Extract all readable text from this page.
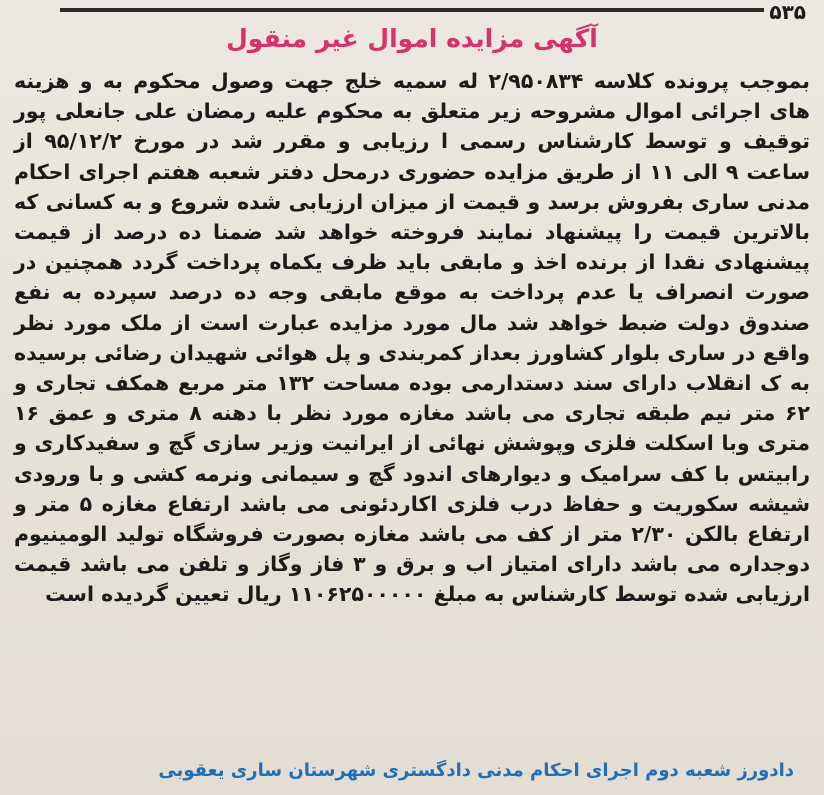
۵۳۵
آگهی مزایده اموال غیر منقول
بموجب پرونده کلاسه ۲/۹۵۰۸۳۴ له سمیه خلج جهت وصول محکوم به و هزینه های اجرائی اموال مشروحه زیر متعلق به محکوم علیه رمضان علی جانعلی پور توقیف و توسط کارشناس رسمی ا رزیابی و مقرر شد در مورخ ۹۵/۱۲/۲ از ساعت ۹ الی ۱۱ از طریق مزایده حضوری درمحل دفتر شعبه هفتم اجرای احکام مدنی ساری بفروش برسد و قیمت از میزان ارزیابی شده شروع و به کسانی که بالاترین قیمت را پیشنهاد نمایند فروخته خواهد شد ضمنا ده درصد از قیمت پیشنهادی نقدا از برنده اخذ و مابقی باید ظرف یکماه پرداخت گردد همچنین در صورت انصراف یا عدم پرداخت به موقع مابقی وجه ده درصد سپرده به نفع صندوق دولت ضبط خواهد شد مال مورد مزایده عبارت است از ملک مورد نظر واقع در ساری بلوار کشاورز بعداز کمربندی و پل هوائی شهیدان رضائی برسیده به ک انقلاب دارای سند دستدارمی بوده مساحت ۱۳۲ متر مربع همکف تجاری و ۶۲ متر نیم طبقه تجاری می باشد مغازه مورد نظر با دهنه ۸ متری و عمق ۱۶ متری وبا اسکلت فلزی وپوشش نهائی از ایرانیت وزیر سازی گچ و سفیدکاری و رابیتس با کف سرامیک و دیوارهای اندود گچ و سیمانی ونرمه کشی و با ورودی شیشه سکوریت و حفاظ درب فلزی اکاردئونی می باشد ارتفاع مغازه ۵ متر و ارتفاع بالکن ۲/۳۰ متر از کف می باشد مغازه بصورت فروشگاه تولید الومینیوم دوجداره می باشد دارای امتیاز اب و برق و ۳ فاز وگاز و تلفن می باشد قیمت ارزیابی شده توسط کارشناس به مبلغ ۱۱۰۶۲۵۰۰۰۰۰ ریال تعیین گردیده است
دادورز شعبه دوم اجرای احکام مدنی دادگستری شهرستان ساری یعقوبی
